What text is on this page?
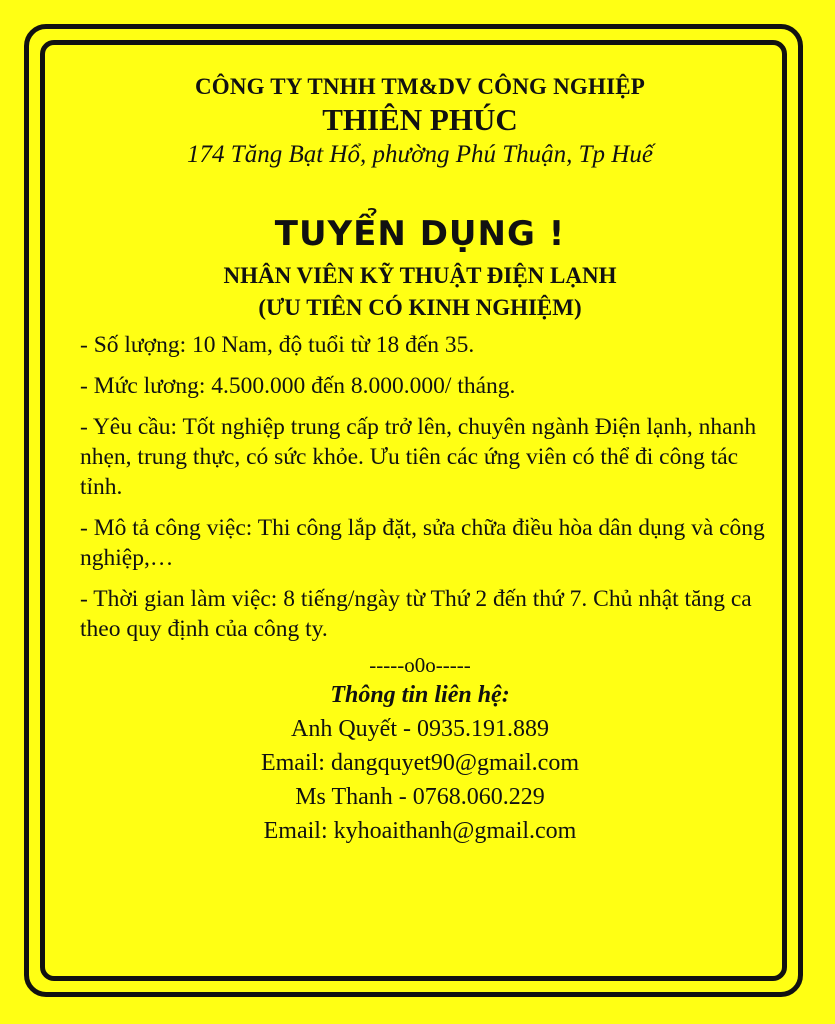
CÔNG TY TNHH TM&DV CÔNG NGHIỆP
THIÊN PHÚC
174 Tăng Bạt Hổ, phường Phú Thuận, Tp Huế
TUYỂN DỤNG !
NHÂN VIÊN KỸ THUẬT ĐIỆN LẠNH
(ƯU TIÊN CÓ KINH NGHIỆM)
- Số lượng: 10 Nam, độ tuổi từ 18 đến 35.
- Mức lương: 4.500.000 đến 8.000.000/ tháng.
- Yêu cầu: Tốt nghiệp trung cấp trở lên, chuyên ngành Điện lạnh, nhanh nhẹn, trung thực, có sức khỏe. Ưu tiên các ứng viên có thể đi công tác tỉnh.
- Mô tả công việc: Thi công lắp đặt, sửa chữa điều hòa dân dụng và công nghiệp,…
- Thời gian làm việc: 8 tiếng/ngày từ Thứ 2 đến thứ 7. Chủ nhật tăng ca theo quy định của công ty.
-----o0o-----
Thông tin liên hệ:
Anh Quyết - 0935.191.889
Email: dangquyet90@gmail.com
Ms Thanh - 0768.060.229
Email: kyhoaithanh@gmail.com
